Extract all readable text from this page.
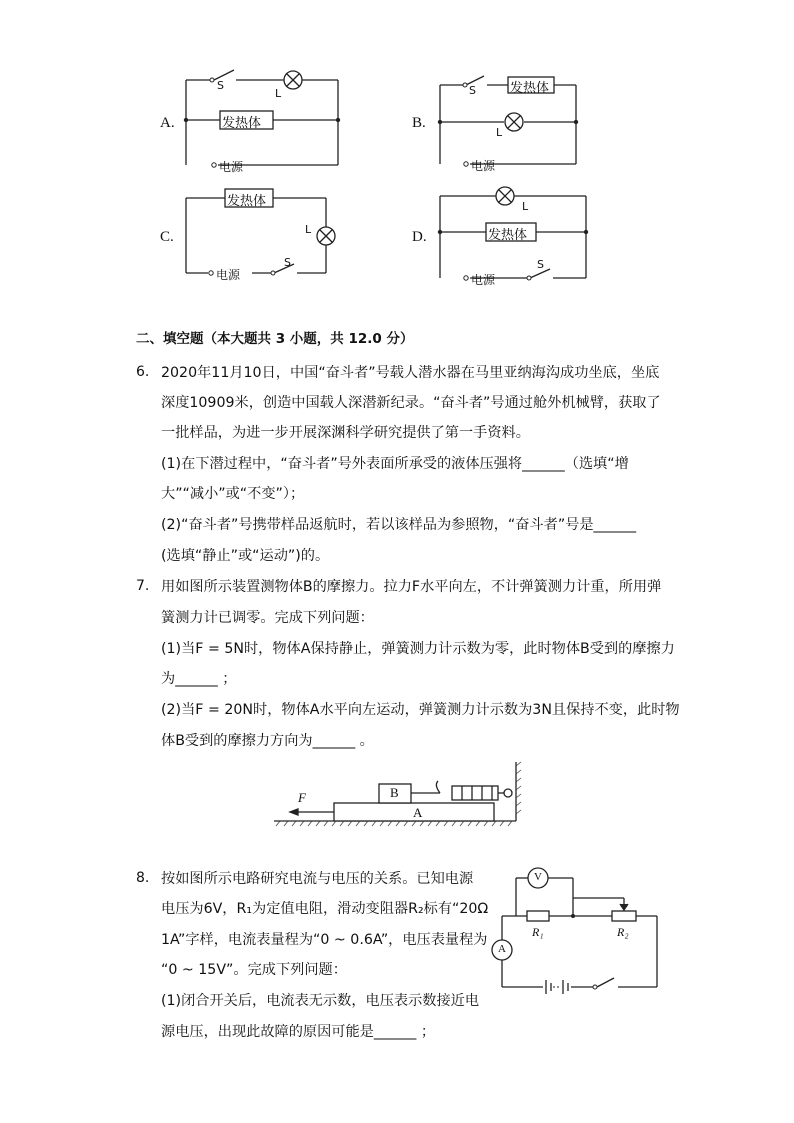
A.
S
L
发热体
电源
B.
S
L
发热体
电源
C.
发热体
L
S
电源
D.
L
发热体
S
电源
二、填空题（本大题共 3 小题，共 12.0 分）
6. 2020年11月10日，中国“奋斗者”号载人潜水器在马里亚纳海沟成功坐底，坐底
深度10909米，创造中国载人深潜新纪录。“奋斗者”号通过舱外机械臂，获取了
一批样品，为进一步开展深渊科学研究提供了第一手资料。
(1)在下潜过程中，“奋斗者”号外表面所承受的液体压强将______（选填“增
大”“减小”或“不变”）；
(2)“奋斗者”号携带样品返航时，若以该样品为参照物，“奋斗者”号是______
(选填“静止”或“运动”)的。
7. 用如图所示装置测物体B的摩擦力。拉力F水平向左，不计弹簧测力计重，所用弹
簧测力计已调零。完成下列问题：
(1)当F = 5N时，物体A保持静止，弹簧测力计示数为零，此时物体B受到的摩擦力
为______ ；
(2)当F = 20N时，物体A水平向左运动，弹簧测力计示数为3N且保持不变，此时物
体B受到的摩擦力方向为______ 。
F	B
A
8. 按如图所示电路研究电流与电压的关系。已知电源
电压为6V，R₁为定值电阻，滑动变阻器R₂标有“20Ω
1A”字样，电流表量程为“0 ~ 0.6A”，电压表量程为
“0 ~ 15V”。完成下列问题：
(1)闭合开关后，电流表无示数，电压表示数接近电
源电压，出现此故障的原因可能是______ ；
V
A
R₁	R₂
